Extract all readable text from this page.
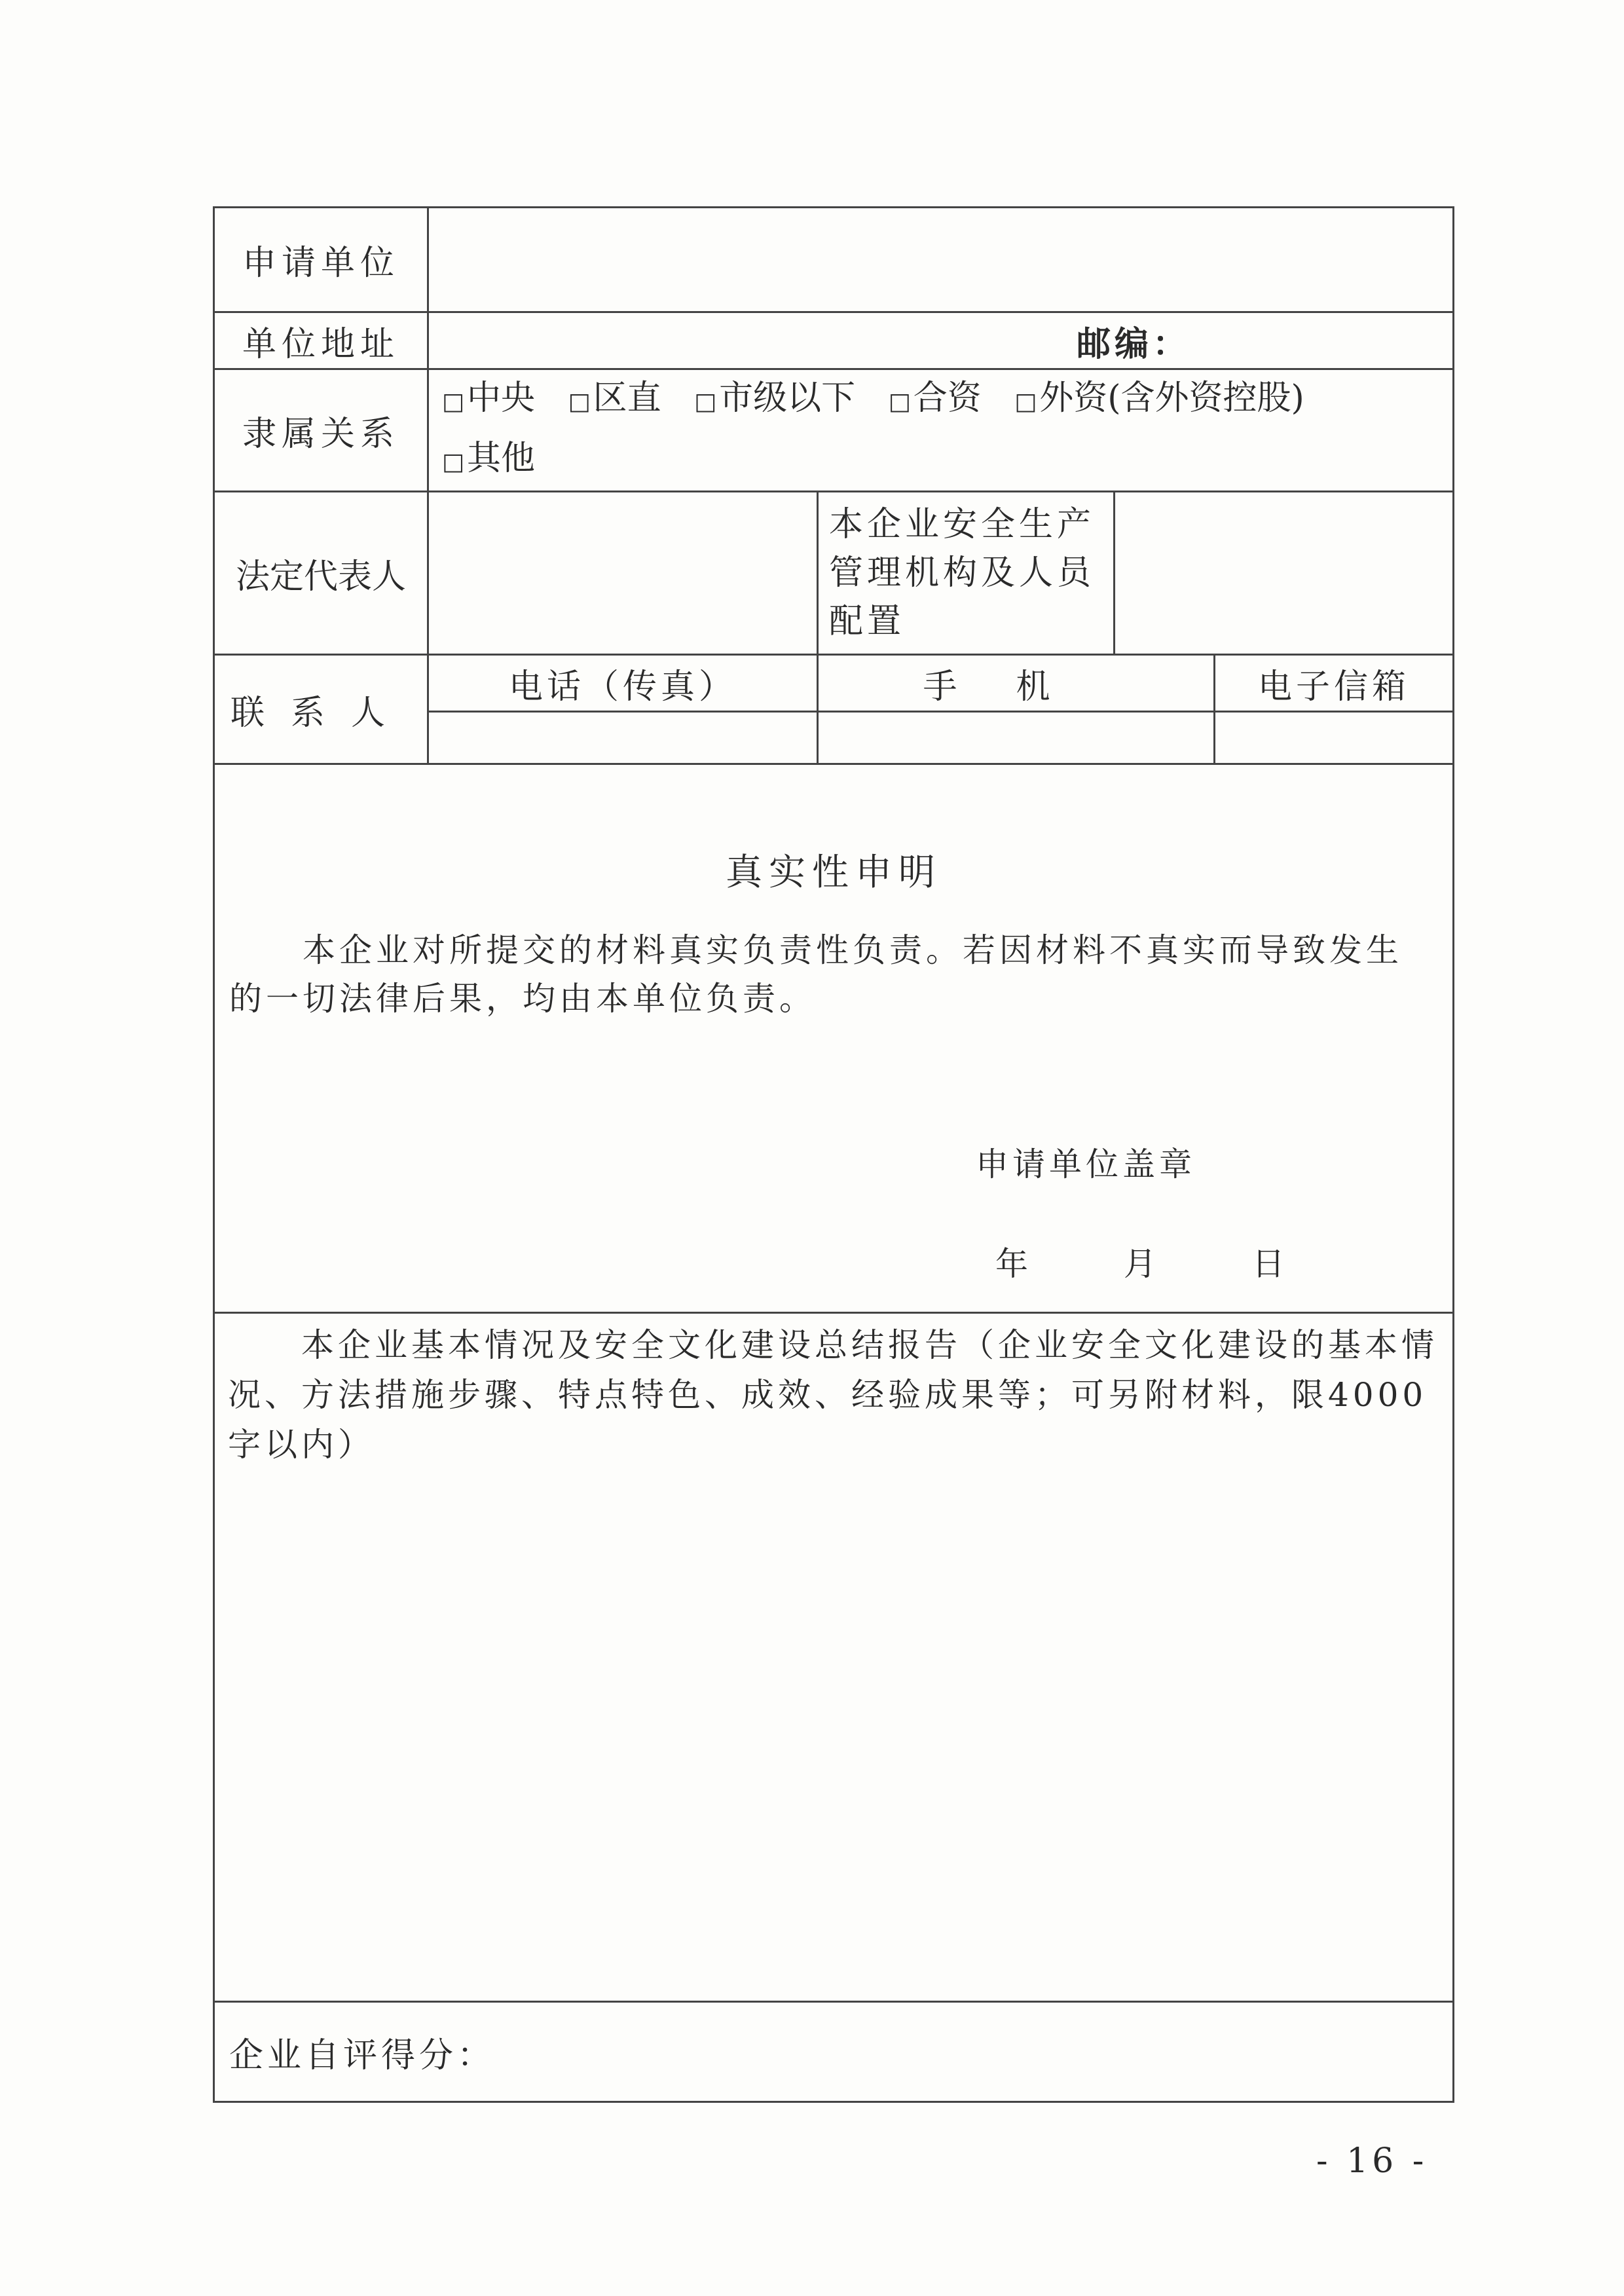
申请单位				
单位地址	邮编：			
隶属关系	□中央 □区直 □市级以下 □合资 □外资(含外资控股)
□其他			
法定代表人		本企业安全生产管理机构及人员配置		
联系人	电话（传真）	手机		电子信箱

真实性申明
本企业对所提交的材料真实负责性负责。若因材料不真实而导致发生的一切法律后果，均由本单位负责。				

本企业基本情况及安全文化建设总结报告（企业安全文化建设的基本情况、方法措施步骤、特点特色、成效、经验成果等；可另附材料，限4000字以内）				

企业自评得分：				
申请单位盖章
年	月	日
- 16 -
